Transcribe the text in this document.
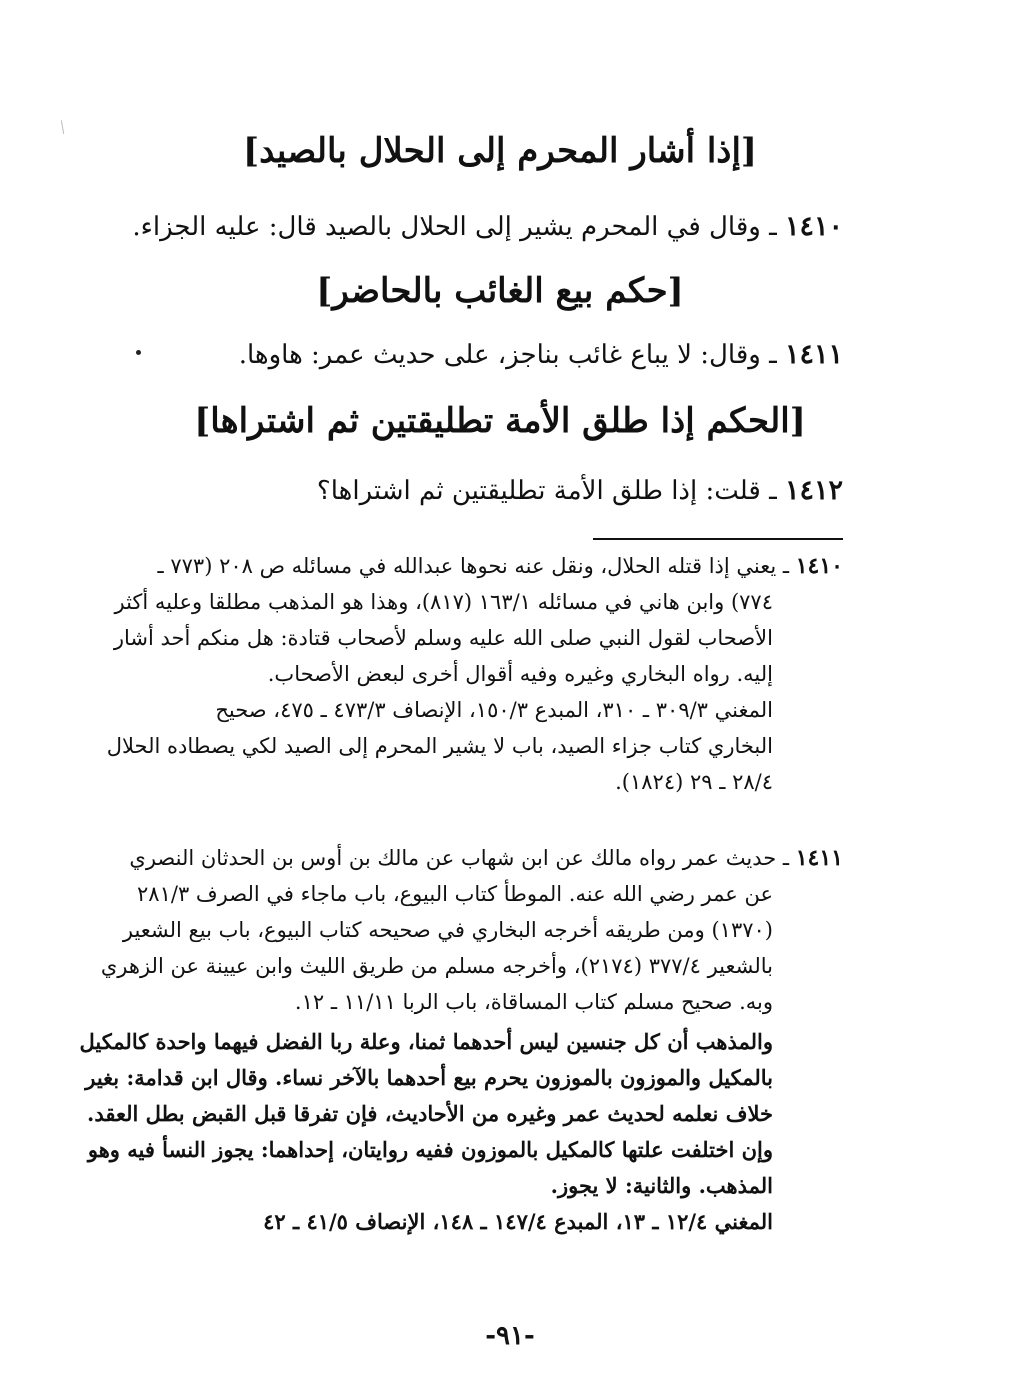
[إذا أشار المحرم إلى الحلال بالصيد]
١٤١٠ ـ وقال في المحرم يشير إلى الحلال بالصيد قال: عليه الجزاء.
[حكم بيع الغائب بالحاضر]
١٤١١ ـ وقال: لا يباع غائب بناجز، على حديث عمر: هاوها.
[الحكم إذا طلق الأمة تطليقتين ثم اشتراها]
١٤١٢ ـ قلت: إذا طلق الأمة تطليقتين ثم اشتراها؟
١٤١٠ ـ يعني إذا قتله الحلال، ونقل عنه نحوها عبدالله في مسائله ص ٢٠٨ (٧٧٣ ـ
٧٧٤) وابن هاني في مسائله ١٦٣/١ (٨١٧)، وهذا هو المذهب مطلقا وعليه أكثر
الأصحاب لقول النبي صلى الله عليه وسلم لأصحاب قتادة: هل منكم أحد أشار
إليه. رواه البخاري وغيره وفيه أقوال أخرى لبعض الأصحاب.
المغني ٣٠٩/٣ ـ ٣١٠، المبدع ١٥٠/٣، الإنصاف ٤٧٣/٣ ـ ٤٧٥، صحيح
البخاري كتاب جزاء الصيد، باب لا يشير المحرم إلى الصيد لكي يصطاده الحلال
٢٨/٤ ـ ٢٩ (١٨٢٤).
١٤١١ ـ حديث عمر رواه مالك عن ابن شهاب عن مالك بن أوس بن الحدثان النصري
عن عمر رضي الله عنه. الموطأ كتاب البيوع، باب ماجاء في الصرف ٢٨١/٣
(١٣٧٠) ومن طريقه أخرجه البخاري في صحيحه كتاب البيوع، باب بيع الشعير
بالشعير ٣٧٧/٤ (٢١٧٤)، وأخرجه مسلم من طريق الليث وابن عيينة عن الزهري
وبه. صحيح مسلم كتاب المساقاة، باب الربا ١١/١١ ـ ١٢.
والمذهب أن كل جنسين ليس أحدهما ثمنا، وعلة ربا الفضل فيهما واحدة كالمكيل
بالمكيل والموزون بالموزون يحرم بيع أحدهما بالآخر نساء. وقال ابن قدامة: بغير
خلاف نعلمه لحديث عمر وغيره من الأحاديث، فإن تفرقا قبل القبض بطل العقد.
وإن اختلفت علتها كالمكيل بالموزون ففيه روايتان، إحداهما: يجوز النسأ فيه وهو
المذهب. والثانية: لا يجوز.
المغني ١٢/٤ ـ ١٣، المبدع ١٤٧/٤ ـ ١٤٨، الإنصاف ٤١/٥ ـ ٤٢
-٩١-
